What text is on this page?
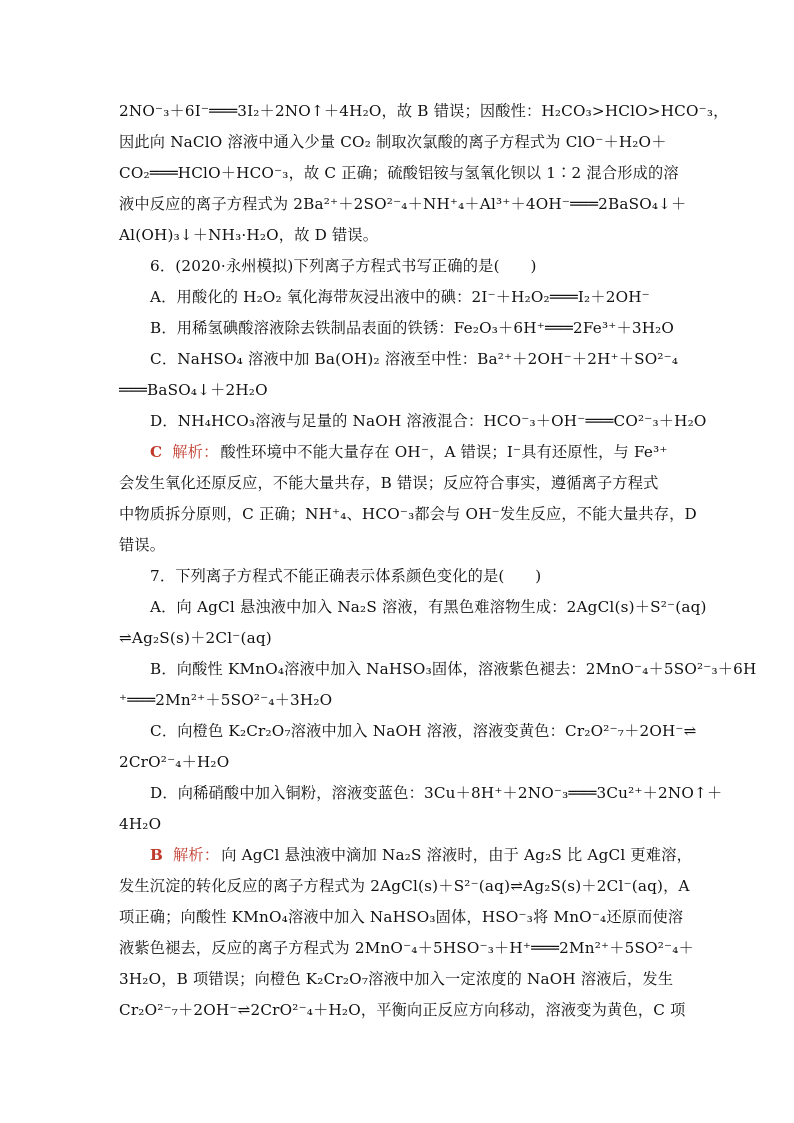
2NO⁻₃＋6I⁻═══3I₂＋2NO↑＋4H₂O，故 B 错误；因酸性：H₂CO₃>HClO>HCO⁻₃，
因此向 NaClO 溶液中通入少量 CO₂ 制取次氯酸的离子方程式为 ClO⁻＋H₂O＋
CO₂═══HClO＋HCO⁻₃，故 C 正确；硫酸铝铵与氢氧化钡以 1∶2 混合形成的溶
液中反应的离子方程式为 2Ba²⁺＋2SO²⁻₄＋NH⁺₄＋Al³⁺＋4OH⁻═══2BaSO₄↓＋
Al(OH)₃↓＋NH₃·H₂O，故 D 错误。
6．(2020·永州模拟)下列离子方程式书写正确的是(　　)
A．用酸化的 H₂O₂ 氧化海带灰浸出液中的碘：2I⁻＋H₂O₂═══I₂＋2OH⁻
B．用稀氢碘酸溶液除去铁制品表面的铁锈：Fe₂O₃＋6H⁺═══2Fe³⁺＋3H₂O
C．NaHSO₄ 溶液中加 Ba(OH)₂ 溶液至中性：Ba²⁺＋2OH⁻＋2H⁺＋SO²⁻₄
═══BaSO₄↓＋2H₂O
D．NH₄HCO₃溶液与足量的 NaOH 溶液混合：HCO⁻₃＋OH⁻═══CO²⁻₃＋H₂O
C 解析： 酸性环境中不能大量存在 OH⁻，A 错误；I⁻具有还原性，与 Fe³⁺
会发生氧化还原反应，不能大量共存，B 错误；反应符合事实，遵循离子方程式
中物质拆分原则，C 正确；NH⁺₄、HCO⁻₃都会与 OH⁻发生反应，不能大量共存，D
错误。
7．下列离子方程式不能正确表示体系颜色变化的是(　　)
A．向 AgCl 悬浊液中加入 Na₂S 溶液，有黑色难溶物生成：2AgCl(s)＋S²⁻(aq)
⇌Ag₂S(s)＋2Cl⁻(aq)
B．向酸性 KMnO₄溶液中加入 NaHSO₃固体，溶液紫色褪去：2MnO⁻₄＋5SO²⁻₃＋6H
⁺═══2Mn²⁺＋5SO²⁻₄＋3H₂O
C．向橙色 K₂Cr₂O₇溶液中加入 NaOH 溶液，溶液变黄色：Cr₂O²⁻₇＋2OH⁻⇌
2CrO²⁻₄＋H₂O
D．向稀硝酸中加入铜粉，溶液变蓝色：3Cu＋8H⁺＋2NO⁻₃═══3Cu²⁺＋2NO↑＋
4H₂O
B 解析： 向 AgCl 悬浊液中滴加 Na₂S 溶液时，由于 Ag₂S 比 AgCl 更难溶，
发生沉淀的转化反应的离子方程式为 2AgCl(s)＋S²⁻(aq)⇌Ag₂S(s)＋2Cl⁻(aq)，A
项正确；向酸性 KMnO₄溶液中加入 NaHSO₃固体，HSO⁻₃将 MnO⁻₄还原而使溶
液紫色褪去，反应的离子方程式为 2MnO⁻₄＋5HSO⁻₃＋H⁺═══2Mn²⁺＋5SO²⁻₄＋
3H₂O，B 项错误；向橙色 K₂Cr₂O₇溶液中加入一定浓度的 NaOH 溶液后，发生
Cr₂O²⁻₇＋2OH⁻⇌2CrO²⁻₄＋H₂O，平衡向正反应方向移动，溶液变为黄色，C 项
